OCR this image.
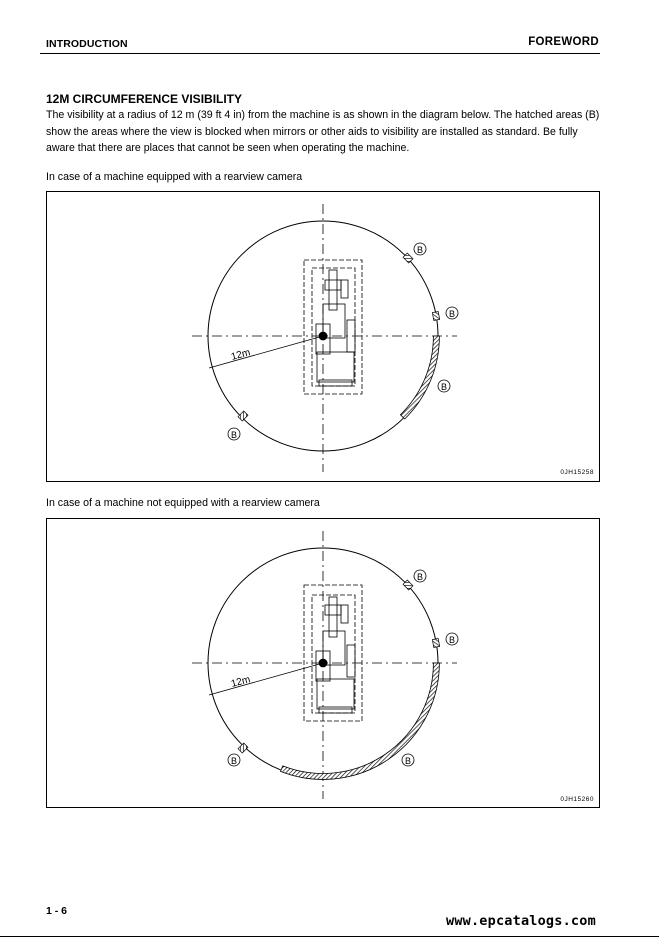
INTRODUCTION	FOREWORD
12M CIRCUMFERENCE VISIBILITY
The visibility at a radius of 12 m (39 ft 4 in) from the machine is as shown in the diagram below. The hatched areas (B) show the areas where the view is blocked when mirrors or other aids to visibility are installed as standard. Be fully aware that there are places that cannot be seen when operating the machine.
In case of a machine equipped with a rearview camera
12m
B
B
B
B
0JH15258
In case of a machine not equipped with a rearview camera
12m
B
B
B
B
0JH15260
1 - 6
www.epcatalogs.com
